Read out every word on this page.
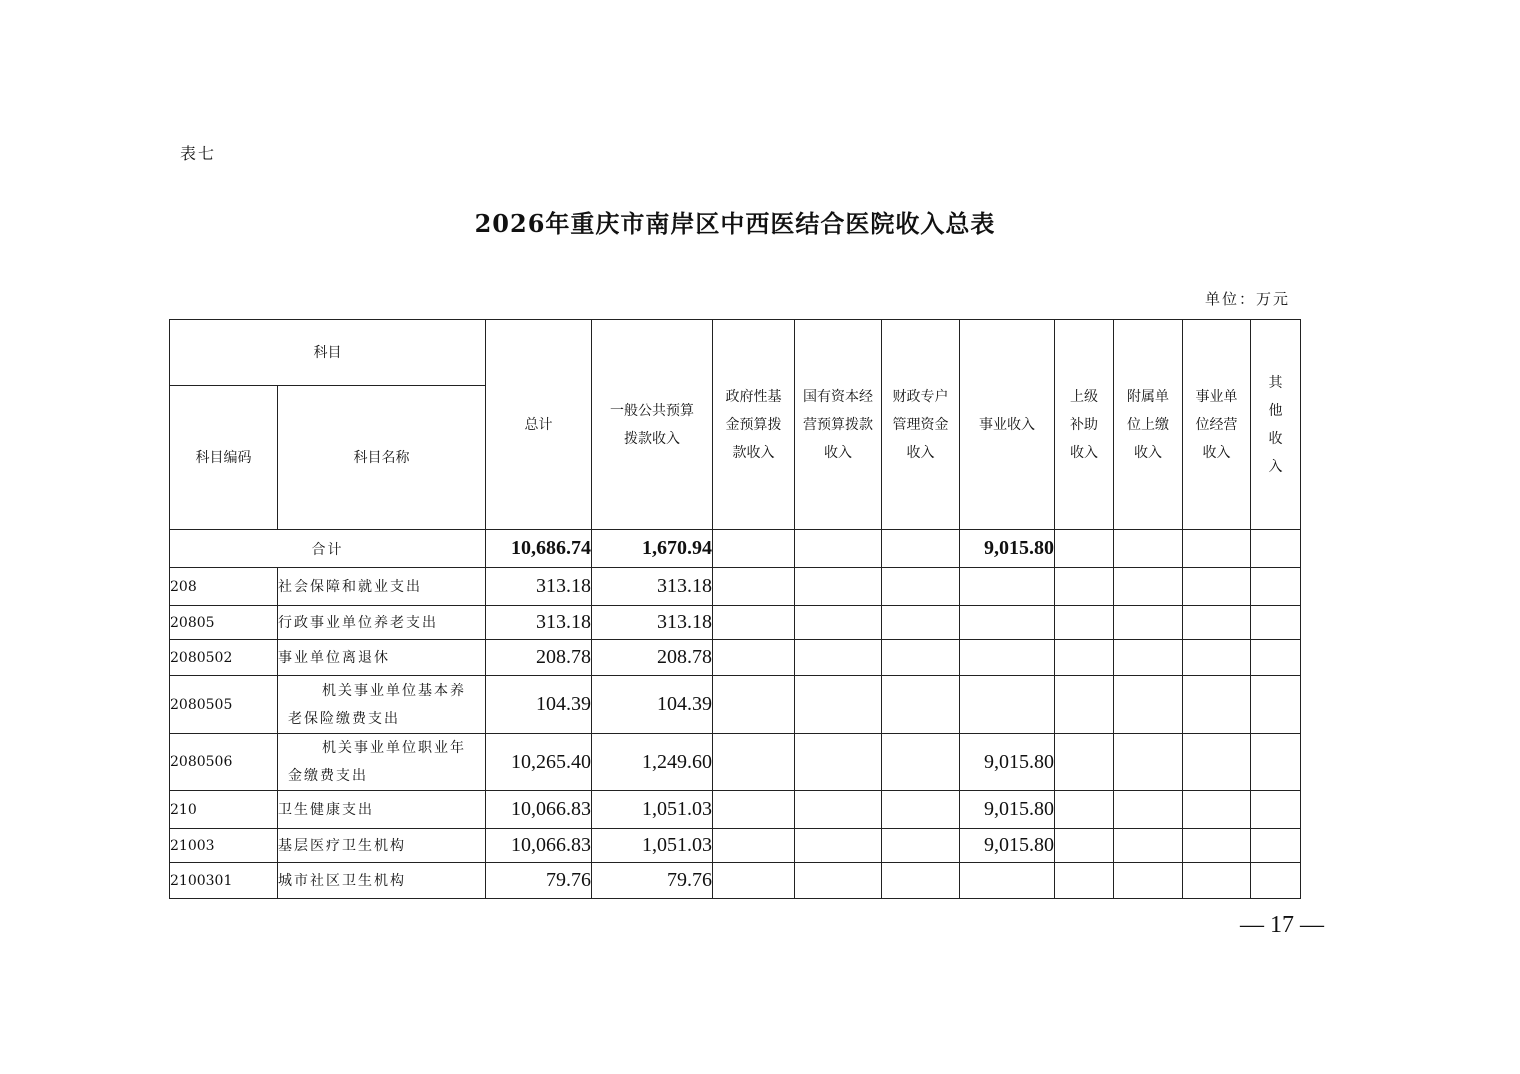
表七
2026年重庆市南岸区中西医结合医院收入总表
单位：万元
科目		总计	一般公共预算拨款收入	政府性基金预算拨款收入	国有资本经营预算拨款收入	财政专户管理资金收入	事业收入	上级补助收入	附属单位上缴收入	事业单位经营收入	其他收入
科目编码	科目名称										
合计		10,686.74	1,670.94				9,015.80				
208	社会保障和就业支出	313.18	313.18								
20805	行政事业单位养老支出	313.18	313.18								
2080502	事业单位离退休	208.78	208.78								
2080505	机关事业单位基本养
老保险缴费支出	104.39	104.39								
2080506	机关事业单位职业年
金缴费支出	10,265.40	1,249.60				9,015.80				
210	卫生健康支出	10,066.83	1,051.03				9,015.80				
21003	基层医疗卫生机构	10,066.83	1,051.03				9,015.80				
2100301	城市社区卫生机构	79.76	79.76								
— 17 —
